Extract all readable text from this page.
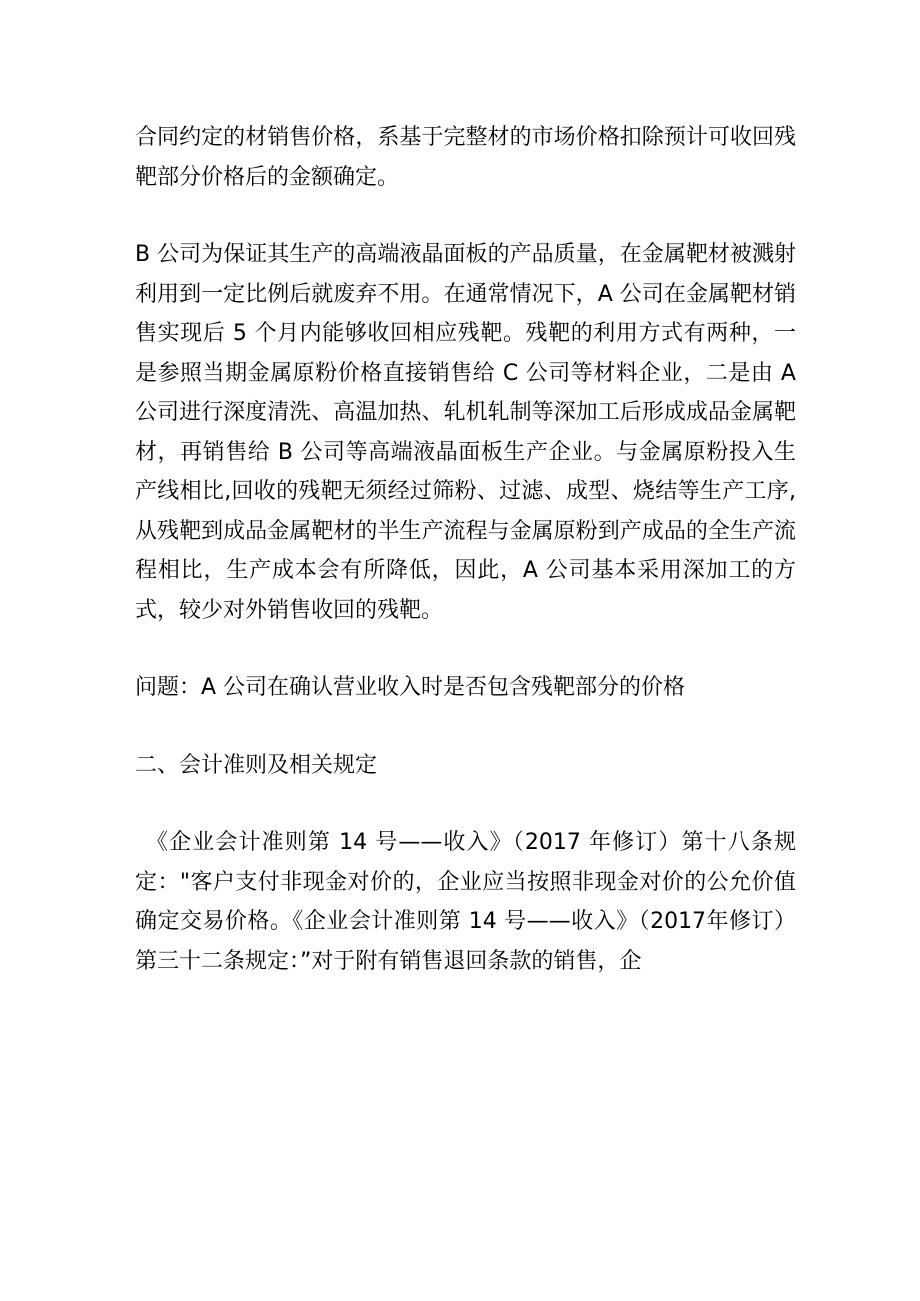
合同约定的材销售价格，系基于完整材的市场价格扣除预计可收回残靶部分价格后的金额确定。

B 公司为保证其生产的高端液晶面板的产品质量，在金属靶材被溅射利用到一定比例后就废弃不用。在通常情况下，A 公司在金属靶材销售实现后 5 个月内能够收回相应残靶。残靶的利用方式有两种，一是参照当期金属原粉价格直接销售给 C 公司等材料企业，二是由 A 公司进行深度清洗、高温加热、轧机轧制等深加工后形成成品金属靶材，再销售给 B 公司等高端液晶面板生产企业。与金属原粉投入生产线相比,回收的残靶无须经过筛粉、过滤、成型、烧结等生产工序,从残靶到成品金属靶材的半生产流程与金属原粉到产成品的全生产流程相比，生产成本会有所降低，因此，A 公司基本采用深加工的方式，较少对外销售收回的残靶。

问题：A 公司在确认营业收入时是否包含残靶部分的价格

二、会计准则及相关规定

《企业会计准则第 14 号——收入》（2017 年修订）第十八条规定："客户支付非现金对价的，企业应当按照非现金对价的公允价值确定交易价格。《企业会计准则第 14 号——收入》（2017年修订）第三十二条规定：”对于附有销售退回条款的销售，企
